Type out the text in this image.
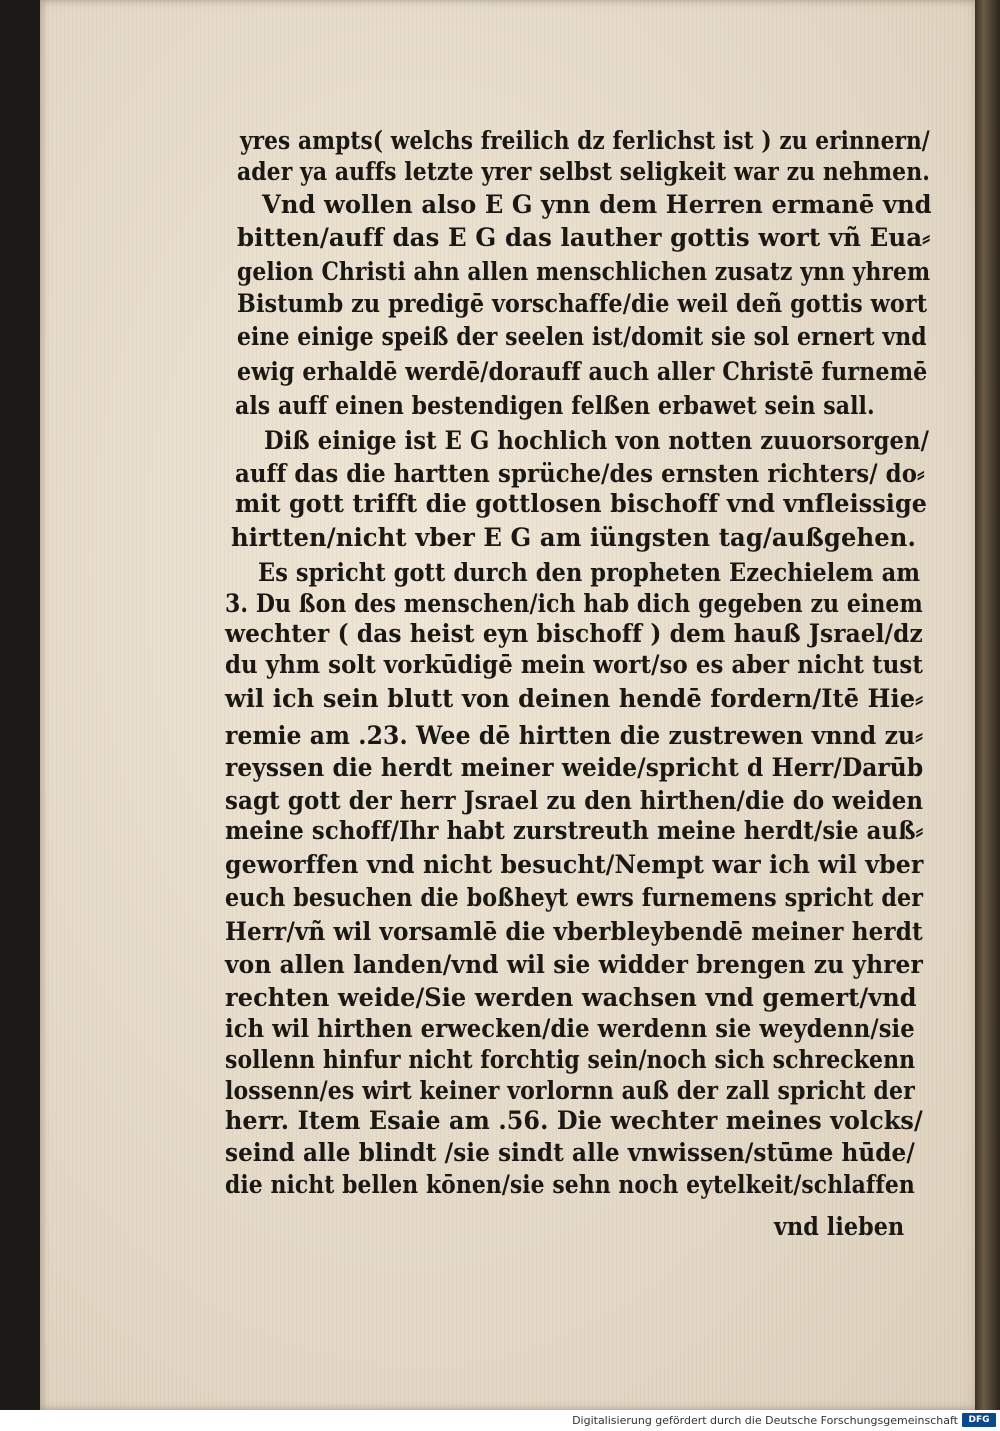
yres ampts( welchs freilich dz ferlichst ist ) zu erinnern/
ader ya auffs letzte yrer selbst seligkeit war zu nehmen.
Vnd wollen also E G ynn dem Herren ermanē vnd
bitten/auff das E G das lauther gottis wort vñ Eua⸗
gelion Christi ahn allen menschlichen zusatz ynn yhrem
Bistumb zu predigē vorschaffe/die weil deñ gottis wort
eine einige speiß der seelen ist/domit sie sol ernert vnd
ewig erhaldē werdē/dorauff auch aller Christē furnemē
als auff einen bestendigen felßen erbawet sein sall.
Diß einige ist E G hochlich von notten zuuorsorgen/
auff das die hartten sprüche/des ernsten richters/ do⸗
mit gott trifft die gottlosen bischoff vnd vnfleissige
hirtten/nicht vber E G am iüngsten tag/außgehen.
Es spricht gott durch den propheten Ezechielem am
3. Du ßon des menschen/ich hab dich gegeben zu einem
wechter ( das heist eyn bischoff ) dem hauß Jsrael/dz
du yhm solt vorkūdigē mein wort/so es aber nicht tust
wil ich sein blutt von deinen hendē fordern/Itē Hie⸗
remie am .23. Wee dē hirtten die zustrewen vnnd zu⸗
reyssen die herdt meiner weide/spricht d Herr/Darūb
sagt gott der herr Jsrael zu den hirthen/die do weiden
meine schoff/Ihr habt zurstreuth meine herdt/sie auß⸗
geworffen vnd nicht besucht/Nempt war ich wil vber
euch besuchen die boßheyt ewrs furnemens spricht der
Herr/vñ wil vorsamlē die vberbleybendē meiner herdt
von allen landen/vnd wil sie widder brengen zu yhrer
rechten weide/Sie werden wachsen vnd gemert/vnd
ich wil hirthen erwecken/die werdenn sie weydenn/sie
sollenn hinfur nicht forchtig sein/noch sich schreckenn
lossenn/es wirt keiner vorlornn auß der zall spricht der
herr. Item Esaie am .56. Die wechter meines volcks/
seind alle blindt /sie sindt alle vnwissen/stūme hūde/
die nicht bellen kōnen/sie sehn noch eytelkeit/schlaffen
vnd lieben
Digitalisierung gefördert durch die Deutsche Forschungsgemeinschaft	DFG
